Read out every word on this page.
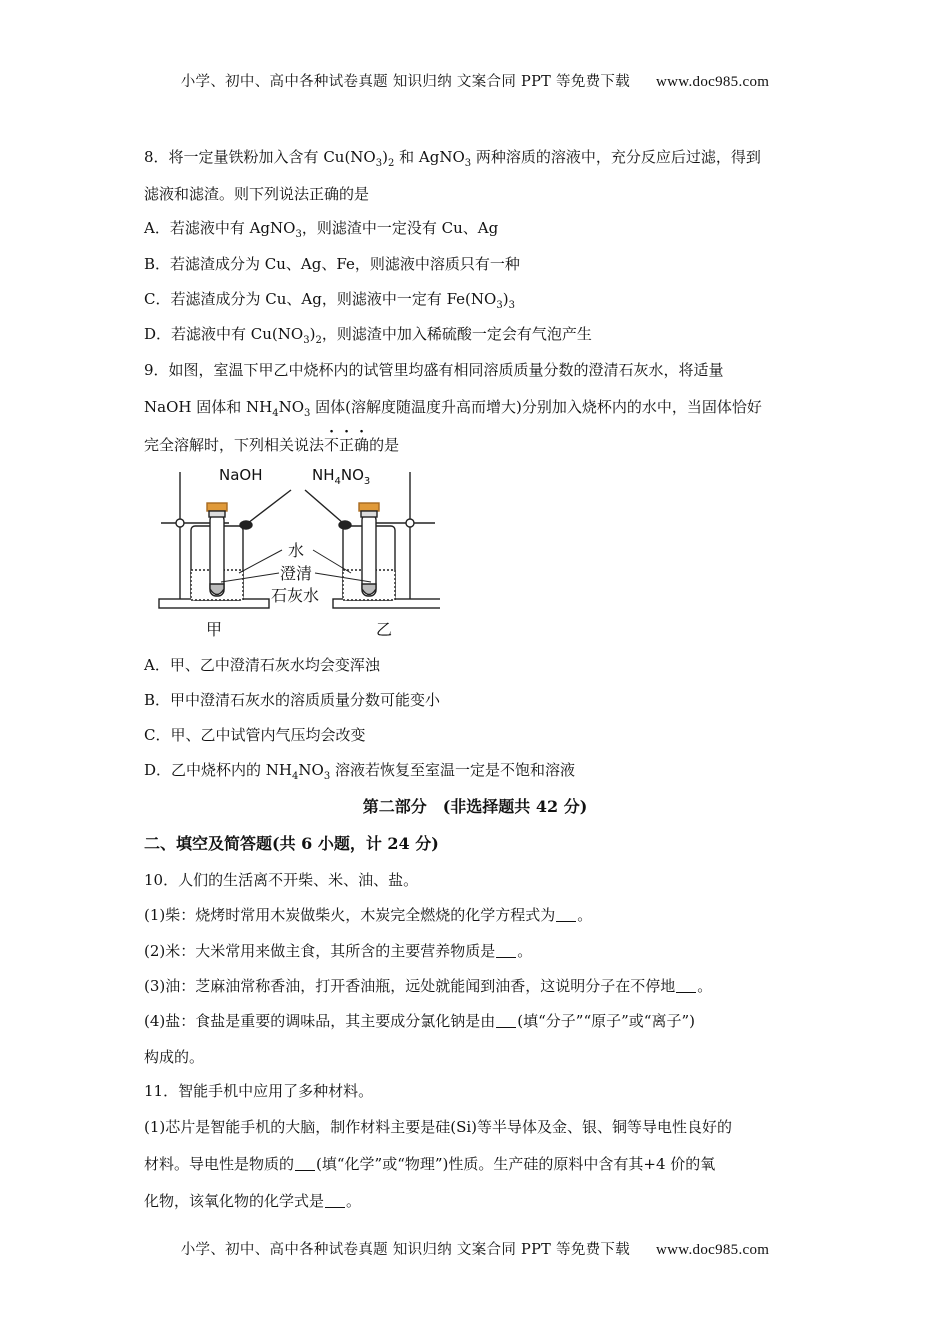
小学、初中、高中各种试卷真题 知识归纳 文案合同 PPT 等免费下载 www.doc985.com
8．将一定量铁粉加入含有 $Cu(NO_3)_2$ 和 AgNO$_3$ 两种溶质的溶液中，充分反应后过滤，得到
滤液和滤渣。则下列说法正确的是
A．若滤液中有 AgNO$_3$，则滤渣中一定没有 Cu、Ag
B．若滤渣成分为 Cu、Ag、Fe，则滤液中溶质只有一种
C．若滤渣成分为 Cu、Ag，则滤液中一定有 $Fe(NO_3)_3$
D．若滤液中有 $Cu(NO_3)_2$，则滤渣中加入稀硫酸一定会有气泡产生
9．如图，室温下甲乙中烧杯内的试管里均盛有相同溶质质量分数的澄清石灰水，将适量
NaOH 固体和 $NH_4NO_3$ 固体(溶解度随温度升高而增大)分别加入烧杯内的水中，当固体恰好
完全溶解时，下列相关说法不正确的是
NaOH	$NH_4NO_3$
水
澄清
石灰水
甲	乙
A．甲、乙中澄清石灰水均会变浑浊
B．甲中澄清石灰水的溶质质量分数可能变小
C．甲、乙中试管内气压均会改变
D．乙中烧杯内的 $NH_4NO_3$ 溶液若恢复至室温一定是不饱和溶液
第二部分　(非选择题共 42 分)
二、填空及简答题(共 6 小题，计 24 分)
10．人们的生活离不开柴、米、油、盐。
(1)柴：烧烤时常用木炭做柴火，木炭完全燃烧的化学方程式为 。
(2)米：大米常用来做主食，其所含的主要营养物质是 。
(3)油：芝麻油常称香油，打开香油瓶，远处就能闻到油香，这说明分子在不停地 。
(4)盐：食盐是重要的调味品，其主要成分氯化钠是由 (填“分子”“原子”或“离子”)
构成的。
11．智能手机中应用了多种材料。
(1)芯片是智能手机的大脑，制作材料主要是硅(Si)等半导体及金、银、铜等导电性良好的
材料。导电性是物质的 (填“化学”或“物理”)性质。生产硅的原料中含有其+4 价的氧
化物，该氧化物的化学式是 。
小学、初中、高中各种试卷真题 知识归纳 文案合同 PPT 等免费下载 www.doc985.com
